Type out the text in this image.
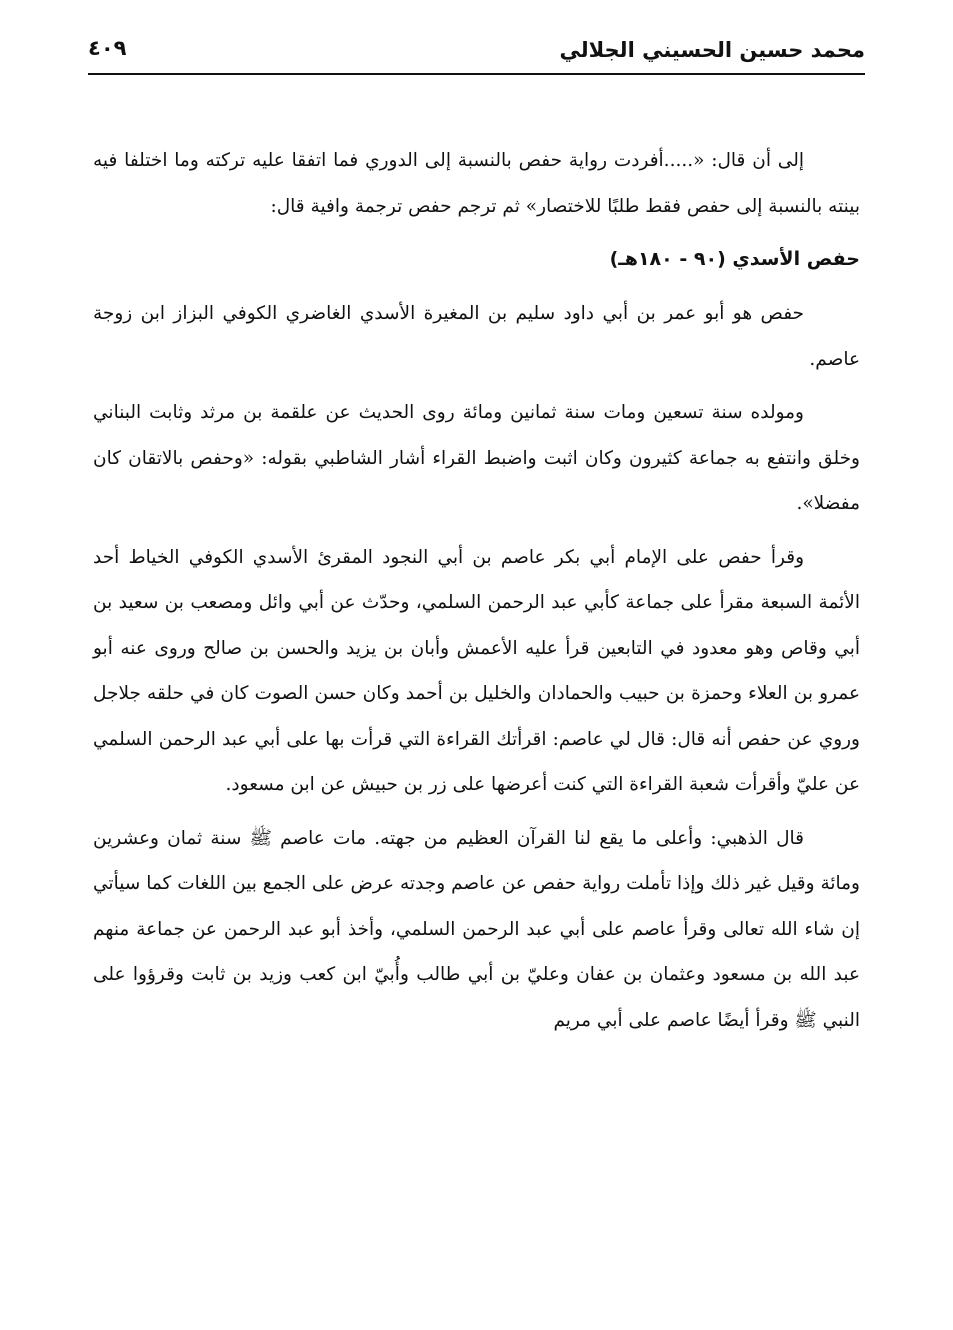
محمد حسين الحسيني الجلالي
٤٠٩

إلى أن قال: «.....أفردت رواية حفص بالنسبة إلى الدوري فما اتفقا عليه تركته وما اختلفا فيه بينته بالنسبة إلى حفص فقط طلبًا للاختصار» ثم ترجم حفص ترجمة وافية قال:

حفص الأسدي (٩٠ - ١٨٠هـ)

حفص هو أبو عمر بن أبي داود سليم بن المغيرة الأسدي الغاضري الكوفي البزاز ابن زوجة عاصم.

ومولده سنة تسعين ومات سنة ثمانين ومائة روى الحديث عن علقمة بن مرثد وثابت البناني وخلق وانتفع به جماعة كثيرون وكان اثبت واضبط القراء أشار الشاطبي بقوله: «وحفص بالاتقان كان مفضلا».

وقرأ حفص على الإمام أبي بكر عاصم بن أبي النجود المقرئ الأسدي الكوفي الخياط أحد الأئمة السبعة مقرأ على جماعة كأبي عبد الرحمن السلمي، وحدّث عن أبي وائل ومصعب بن سعيد بن أبي وقاص وهو معدود في التابعين قرأ عليه الأعمش وأبان بن يزيد والحسن بن صالح وروى عنه أبو عمرو بن العلاء وحمزة بن حبيب والحمادان والخليل بن أحمد وكان حسن الصوت كان في حلقه جلاجل وروي عن حفص أنه قال: قال لي عاصم: اقرأتك القراءة التي قرأت بها على أبي عبد الرحمن السلمي عن عليّ وأقرأت شعبة القراءة التي كنت أعرضها على زر بن حبيش عن ابن مسعود.

قال الذهبي: وأعلى ما يقع لنا القرآن العظيم من جهته. مات عاصم ﷺ سنة ثمان وعشرين ومائة وقيل غير ذلك وإذا تأملت رواية حفص عن عاصم وجدته عرض على الجمع بين اللغات كما سيأتي إن شاء الله تعالى وقرأ عاصم على أبي عبد الرحمن السلمي، وأخذ أبو عبد الرحمن عن جماعة منهم عبد الله بن مسعود وعثمان بن عفان وعليّ بن أبي طالب وأُبيّ ابن كعب وزيد بن ثابت وقرؤوا على النبي ﷺ وقرأ أيضًا عاصم على أبي مريم
